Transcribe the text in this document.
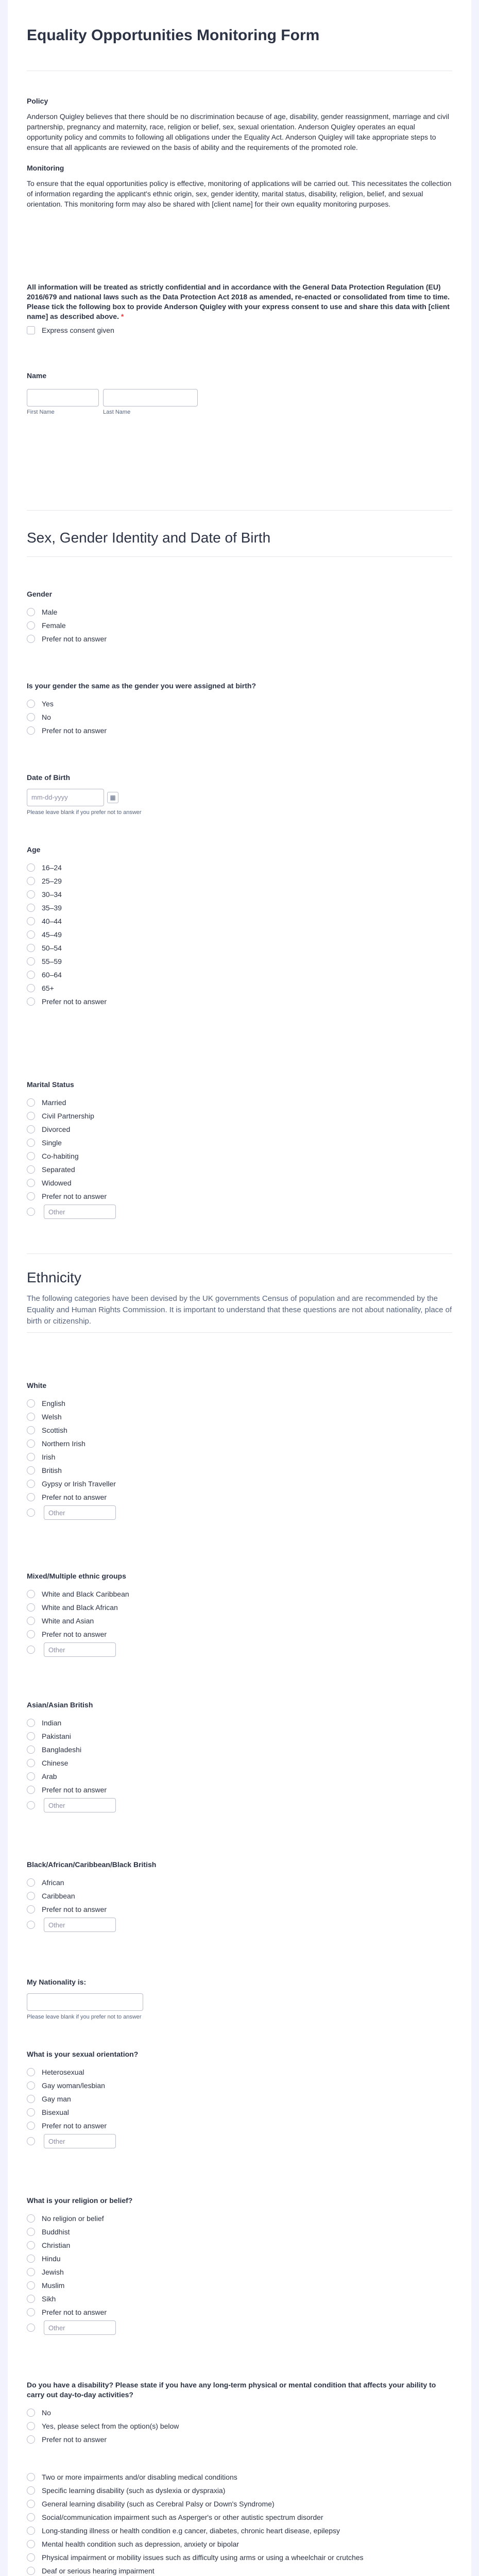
Equality Opportunities Monitoring Form
Policy
Anderson Quigley believes that there should be no discrimination because of age, disability, gender reassignment, marriage and civil partnership, pregnancy and maternity, race, religion or belief, sex, sexual orientation. Anderson Quigley operates an equal opportunity policy and commits to following all obligations under the Equality Act. Anderson Quigley will take appropriate steps to ensure that all applicants are reviewed on the basis of ability and the requirements of the promoted role.
Monitoring
To ensure that the equal opportunities policy is effective, monitoring of applications will be carried out. This necessitates the collection of information regarding the applicant's ethnic origin, sex, gender identity, marital status, disability, religion, belief, and sexual orientation. This monitoring form may also be shared with [client name] for their own equality monitoring purposes.
All information will be treated as strictly confidential and in accordance with the General Data Protection Regulation (EU) 2016/679 and national laws such as the Data Protection Act 2018 as amended, re-enacted or consolidated from time to time. Please tick the following box to provide Anderson Quigley with your express consent to use and share this data with [client name] as described above. *
Express consent given
Name
First Name	Last Name
Sex, Gender Identity and Date of Birth
Gender
Male
Female
Prefer not to answer
Is your gender the same as the gender you were assigned at birth?
Yes
No
Prefer not to answer
Date of Birth
mm-dd-yyyy	▦
Please leave blank if you prefer not to answer
Age
16–24
25–29
30–34
35–39
40–44
45–49
50–54
55–59
60–64
65+
Prefer not to answer
Marital Status
Married
Civil Partnership
Divorced
Single
Co-habiting
Separated
Widowed
Prefer not to answer
Other
Ethnicity
The following categories have been devised by the UK governments Census of population and are recommended by the Equality and Human Rights Commission. It is important to understand that these questions are not about nationality, place of birth or citizenship.
White
English
Welsh
Scottish
Northern Irish
Irish
British
Gypsy or Irish Traveller
Prefer not to answer
Other
Mixed/Multiple ethnic groups
White and Black Caribbean
White and Black African
White and Asian
Prefer not to answer
Other
Asian/Asian British
Indian
Pakistani
Bangladeshi
Chinese
Arab
Prefer not to answer
Other
Black/African/Caribbean/Black British
African
Caribbean
Prefer not to answer
Other
My Nationality is:
Please leave blank if you prefer not to answer
What is your sexual orientation?
Heterosexual
Gay woman/lesbian
Gay man
Bisexual
Prefer not to answer
Other
What is your religion or belief?
No religion or belief
Buddhist
Christian
Hindu
Jewish
Muslim
Sikh
Prefer not to answer
Other
Do you have a disability? Please state if you have any long-term physical or mental condition that affects your ability to carry out day-to-day activities?
No
Yes, please select from the option(s) below
Prefer not to answer
Two or more impairments and/or disabling medical conditions
Specific learning disability (such as dyslexia or dyspraxia)
General learning disability (such as Cerebral Palsy or Down's Syndrome)
Social/communication impairment such as Asperger's or other autistic spectrum disorder
Long-standing illness or health condition e.g cancer, diabetes, chronic heart disease, epilepsy
Mental health condition such as depression, anxiety or bipolar
Physical impairment or mobility issues such as difficulty using arms or using a wheelchair or crutches
Deaf or serious hearing impairment
